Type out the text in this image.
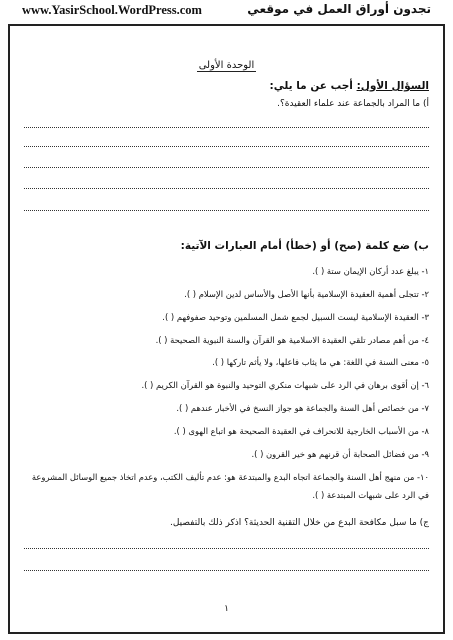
www.YasirSchool.WordPress.com	تجدون أوراق العمل في موقعي
الوحدة الأولى
السؤال الأول: أجب عن ما يلي:
أ) ما المراد بالجماعة عند علماء العقيدة؟.
ب) ضع كلمة (صح) أو (خطأ) أمام العبارات الآتية:
١- يبلغ عدد أركان الإيمان ستة ( ).
٢- تتجلى أهمية العقيدة الإسلامية بأنها الأصل والأساس لدين الإسلام ( ).
٣- العقيدة الإسلامية ليست السبيل لجمع شمل المسلمين وتوحيد صفوفهم ( ).
٤- من أهم مصادر تلقي العقيدة الاسلامية هو القرآن والسنة النبوية الصحيحة ( ).
٥- معنى السنة في اللغة: هي ما يثاب فاعلها، ولا يأثم تاركها ( ).
٦- إن أقوى برهان في الرد على شبهات منكري التوحيد والنبوة هو القرآن الكريم ( ).
٧- من خصائص أهل السنة والجماعة هو جواز النسخ في الأخبار عندهم ( ).
٨- من الأسباب الخارجية للانحراف في العقيدة الصحيحة هو اتباع الهوى ( ).
٩- من فضائل الصحابة أن قرنهم هو خير القرون ( ).
١٠- من منهج أهل السنة والجماعة اتجاه البدع والمبتدعة هو: عدم تأليف الكتب، وعدم اتخاذ جميع الوسائل المشروعة في الرد على شبهات المبتدعة ( ).
ج) ما سبل مكافحة البدع من خلال التقنية الحديثة؟ اذكر ذلك بالتفصيل.
١
